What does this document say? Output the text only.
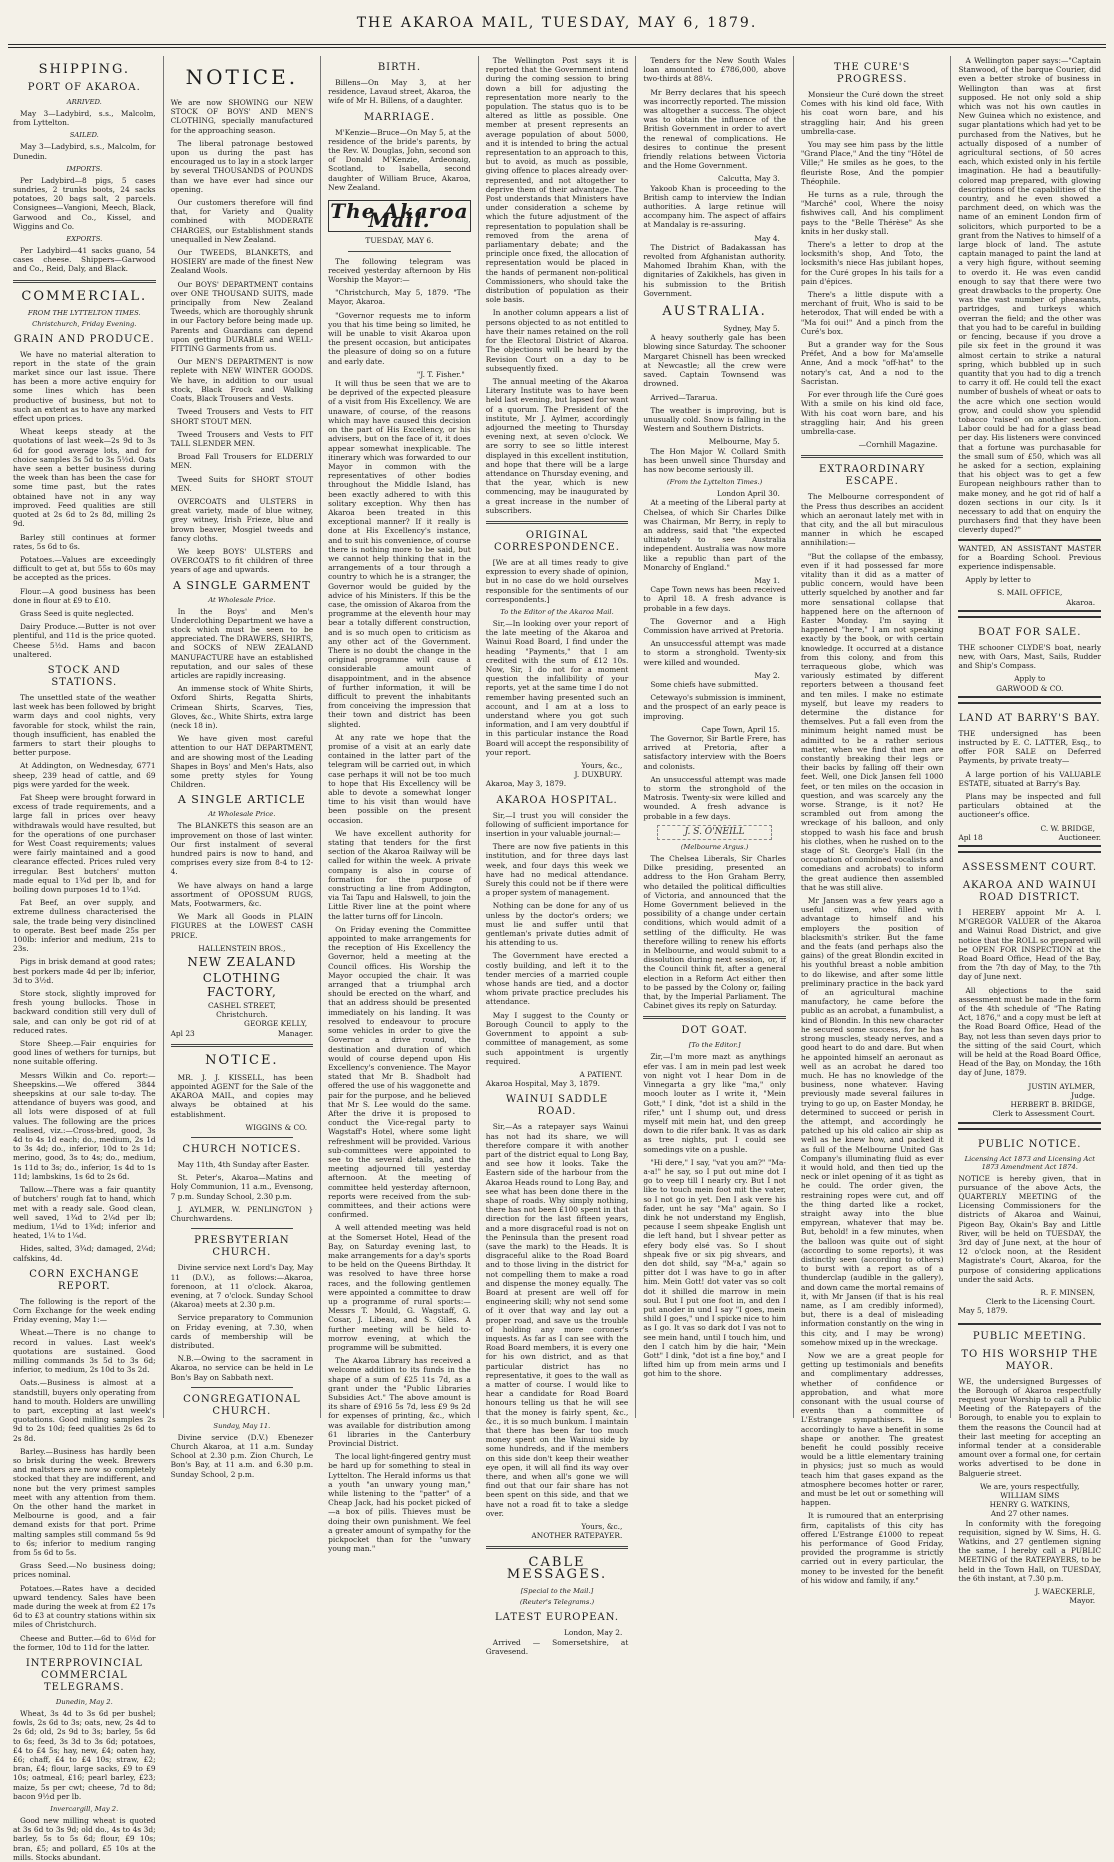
THE AKAROA MAIL, TUESDAY, MAY 6, 1879.
SHIPPING.
PORT OF AKAROA.
ARRIVED.

May 3—Ladybird, s.s., Malcolm, from Lyttelton.

SAILED.

May 3—Ladybird, s.s., Malcolm, for Dunedin.

IMPORTS.

Per Ladybird—8 pigs, 5 cases sundries, 2 trunks boots, 24 sacks potatoes, 20 bags salt, 2 parcels. Consignees—Vangioni, Meech, Black, Garwood and Co., Kissel, and Wiggins and Co.

EXPORTS.

Per Ladybird—41 sacks guano, 54 cases cheese. Shippers—Garwood and Co., Reid, Daly, and Black.

COMMERCIAL.
FROM THE LYTTELTON TIMES.
Christchurch, Friday Evening.
GRAIN AND PRODUCE.

We have no material alteration to report in the state of the grain market since our last issue. There has been a more active enquiry for some lines which has been productive of business, but not to such an extent as to have any marked effect upon prices.

Wheat keeps steady at the quotations of last week—2s 9d to 3s 6d for good average lots, and for choice samples 3s 5d to 3s 5½d. Oats have seen a better business during the week than has been the case for some time past, but the rates obtained have not in any way improved. Feed qualities are still quoted at 2s 6d to 2s 8d, milling 2s 9d.

Barley still continues at former rates, 5s 6d to 6s.

Potatoes.—Values are exceedingly difficult to get at, but 55s to 60s may be accepted as the prices.

Flour.—A good business has been done in flour at £9 to £10.

Grass Seed is quite neglected.

Dairy Produce.—Butter is not over plentiful, and 11d is the price quoted. Cheese 5½d. Hams and bacon unaltered.

STOCK AND STATIONS.

The unsettled state of the weather last week has been followed by bright warm days and cool nights, very favorable for stock, whilst the rain, though insufficient, has enabled the farmers to start their ploughs to better purpose.

At Addington, on Wednesday, 6771 sheep, 239 head of cattle, and 69 pigs were yarded for the week.

Fat Sheep were brought forward in excess of trade requirements, and a large fall in prices over heavy withdrawals would have resulted, but for the operations of one purchaser for West Coast requirements; values were fairly maintained and a good clearance effected. Prices ruled very irregular. Best butchers' mutton made equal to 1¾d per lb, and for boiling down purposes 1d to 1¼d.

Fat Beef, an over supply, and extreme dullness characterised the sale, the trade being very disinclined to operate. Best beef made 25s per 100lb: inferior and medium, 21s to 23s.

Pigs in brisk demand at good rates; best porkers made 4d per lb; inferior, 3d to 3½d.

Store stock, slightly improved for fresh young bullocks. Those in backward condition still very dull of sale, and can only be got rid of at reduced rates.

Store Sheep.—Fair enquiries for good lines of wethers for turnips, but none suitable offering.

Messrs Wilkin and Co. report:—Sheepskins.—We offered 3844 sheepskins at our sale to-day. The attendance of buyers was good, and all lots were disposed of at full values. The following are the prices realised, viz.:—Cross-bred, good, 3s 4d to 4s 1d each; do., medium, 2s 1d to 3s 4d; do., inferior, 10d to 2s 1d; merino, good, 3s to 4s; do., medium, 1s 11d to 3s; do., inferior, 1s 4d to 1s 11d; lambskins, 1s 6d to 2s 6d.

Tallow.—There was a fair quantity of butchers' rough fat to hand, which met with a ready sale. Good clean, well saved, 1¾d to 2¼d per lb; medium, 1¼d to 1¾d; inferior and heated, 1¼ to 1¼d.

Hides, salted, 3¾d; damaged, 2¼d; calfskins, 4d.

CORN EXCHANGE REPORT.

The following is the report of the Corn Exchange for the week ending Friday evening, May 1:—

Wheat.—There is no change to record in values. Last week's quotations are sustained. Good milling commands 3s 5d to 3s 6d; inferior, to medium, 2s 10d to 3s 2d.

Oats.—Business is almost at a standstill, buyers only operating from hand to mouth. Holders are unwilling to part, excepting at last week's quotations. Good milling samples 2s 9d to 2s 10d; feed qualities 2s 6d to 2s 8d.

Barley.—Business has hardly been so brisk during the week. Brewers and maltsters are now so completely stocked that they are indifferent, and none but the very primest samples meet with any attention from them. On the other hand the market in Melbourne is good, and a fair demand exists for that port. Prime malting samples still command 5s 9d to 6s; inferior to medium ranging from 5s 6d to 5s.

Grass Seed.—No business doing; prices nominal.

Potatoes.—Rates have a decided upward tendency. Sales have been made during the week at from £2 17s 6d to £3 at country stations within six miles of Christchurch.

Cheese and Butter.—6d to 6½d for the former, 10d to 11d for the latter.

INTERPROVINCIAL COMMERCIAL TELEGRAMS.
Dunedin, May 2.

Wheat, 3s 4d to 3s 6d per bushel; fowls, 2s 6d to 3s; oats, new, 2s 4d to 2s 6d; old, 2s 9d to 3s; barley, 5s 6d to 6s; feed, 3s 3d to 3s 6d; potatoes, £4 to £4 5s; hay, new, £4; oaten hay, £6; chaff, £4 to £4 10s; straw, £2; bran, £4; flour, large sacks, £9 to £9 10s; oatmeal, £16; pearl barley, £23; maize, 5s per cwt; cheese, 7d to 8d; bacon 9½d per lb.

Invercargill, May 2.

Good new milling wheat is quoted at 3s 6d to 3s 9d; old do., 4s to 4s 3d; barley, 5s to 5s 6d; flour, £9 10s; bran, £5; and pollard, £5 10s at the mills. Stocks abundant.

NOTICE.

We are now SHOWING our NEW STOCK OF BOYS' AND MEN'S CLOTHING, specially manufactured for the approaching season.

The liberal patronage bestowed upon us during the past has encouraged us to lay in a stock larger by several THOUSANDS of POUNDS than we have ever had since our opening.

Our customers therefore will find that, for Variety and Quality combined with MODERATE CHARGES, our Establishment stands unequalled in New Zealand.

Our TWEEDS, BLANKETS, and HOSIERY are made of the finest New Zealand Wools.

Our BOYS' DEPARTMENT contains over ONE THOUSAND SUITS, made principally from New Zealand Tweeds, which are thoroughly shrunk in our Factory before being made up. Parents and Guardians can depend upon getting DURABLE and WELL-FITTING Garments from us.

Our MEN'S DEPARTMENT is now replete with NEW WINTER GOODS. We have, in addition to our usual stock, Black Frock and Walking Coats, Black Trousers and Vests.

Tweed Trousers and Vests to FIT SHORT STOUT MEN.

Tweed Trousers and Vests to FIT TALL SLENDER MEN.

Broad Fall Trousers for ELDERLY MEN.

Tweed Suits for SHORT STOUT MEN.

OVERCOATS and ULSTERS in great variety, made of blue witney, grey witney, Irish Frieze, blue and brown beaver, Mosgiel tweeds and fancy cloths.

We keep BOYS' ULSTERS and OVERCOATS to fit children of three years of age and upwards.

A SINGLE GARMENT
At Wholesale Price.

In the Boys' and Men's Underclothing Department we have a stock which must be seen to be appreciated. The DRAWERS, SHIRTS, and SOCKS of NEW ZEALAND MANUFACTURE have an established reputation, and our sales of these articles are rapidly increasing.

An immense stock of White Shirts, Oxford Shirts, Regatta Shirts, Crimean Shirts, Scarves, Ties, Gloves, &c., White Shirts, extra large (neck 18 in).

We have given most careful attention to our HAT DEPARTMENT, and are showing most of the Leading Shapes in Boys' and Men's Hats, also some pretty styles for Young Children.

A SINGLE ARTICLE
At Wholesale Price.

The BLANKETS this season are an improvement on those of last winter. Our first instalment of several hundred pairs is now to hand, and comprises every size from 8-4 to 12-4.

We have always on hand a large assortment of OPOSSUM RUGS, Mats, Footwarmers, &c.

We Mark all Goods in PLAIN FIGURES at the LOWEST CASH PRICE.

HALLENSTEIN BROS.,
NEW ZEALAND
CLOTHING FACTORY,
CASHEL STREET,
Christchurch.
GEORGE KELLY,
Apl 23	Manager.
NOTICE.

MR. J. J. KISSELL, has been appointed AGENT for the Sale of the AKAROA MAIL, and copies may always be obtained at his establishment.

WIGGINS & CO.
CHURCH NOTICES.

May 11th, 4th Sunday after Easter.

St. Peter's, Akaroa—Matins and Holy Communion, 11 a.m., Evensong, 7 p.m. Sunday School, 2.30 p.m.

J. AYLMER, W. PENLINGTON } Churchwardens.

PRESBYTERIAN CHURCH.

Divine service next Lord's Day, May 11 (D.V.), as follows:—Akaroa, forenoon, at 11 o'clock. Akaroa, evening, at 7 o'clock. Sunday School (Akaroa) meets at 2.30 p.m.

Service preparatory to Communion on Friday evening, at 7.30, when cards of membership will be distributed.

N.B.—Owing to the sacrament in Akaroa, no service can be held in Le Bon's Bay on Sabbath next.

CONGREGATIONAL CHURCH.
Sunday, May 11.

Divine service (D.V.) Ebenezer Church Akaroa, at 11 a.m. Sunday School at 2.30 p.m. Zion Church, Le Bon's Bay, at 11 a.m. and 6.30 p.m. Sunday School, 2 p.m.

BIRTH.

Billens—On May 3, at her residence, Lavaud street, Akaroa, the wife of Mr H. Billens, of a daughter.

MARRIAGE.

M'Kenzie—Bruce—On May 5, at the residence of the bride's parents, by the Rev. W. Douglas, John, second son of Donald M'Kenzie, Ardeonaig, Scotland, to Isabella, second daughter of William Bruce, Akaroa, New Zealand.

The Akaroa Mail.
TUESDAY, MAY 6.

The following telegram was received yesterday afternoon by His Worship the Mayor:—

"Christchurch, May 5, 1879. "The Mayor, Akaroa.

"Governor requests me to inform you that his time being so limited, he will be unable to visit Akaroa upon the present occasion, but anticipates the pleasure of doing so on a future and early date.

"J. T. Fisher."

It will thus be seen that we are to be deprived of the expected pleasure of a visit from His Excellency. We are unaware, of course, of the reasons which may have caused this decision on the part of His Excellency, or his advisers, but on the face of it, it does appear somewhat inexplicable. The itinerary which was forwarded to our Mayor in common with the representatives of other bodies throughout the Middle Island, has been exactly adhered to with this solitary exception. Why then has Akaroa been treated in this exceptional manner? If it really is done at His Excellency's instance, and to suit his convenience, of course there is nothing more to be said, but we cannot help thinking that in the arrangements of a tour through a country to which he is a stranger, the Governor would be guided by the advice of his Ministers. If this be the case, the omission of Akaroa from the programme at the eleventh hour may bear a totally different construction, and is so much open to criticism as any other act of the Government. There is no doubt the change in the original programme will cause a considerable amount of disappointment, and in the absence of further information, it will be difficult to prevent the inhabitants from conceiving the impression that their town and district has been slighted.

At any rate we hope that the promise of a visit at an early date contained in the latter part of the telegram will be carried out, in which case perhaps it will not be too much to hope that His Excellency will be able to devote a somewhat longer time to his visit than would have been possible on the present occasion.

We have excellent authority for stating that tenders for the first section of the Akaroa Railway will be called for within the week. A private company is also in course of formation for the purpose of constructing a line from Addington, via Tai Tapu and Halswell, to join the Little River line at the point where the latter turns off for Lincoln.

On Friday evening the Committee appointed to make arrangements for the reception of His Excellency the Governor, held a meeting at the Council offices. His Worship the Mayor occupied the chair. It was arranged that a triumphal arch should be erected on the wharf, and that an address should be presented immediately on his landing. It was resolved to endeavour to procure some vehicles in order to give the Governor a drive round, the destination and duration of which would of course depend upon His Excellency's convenience. The Mayor stated that Mr B. Shadbolt had offered the use of his waggonette and pair for the purpose, and he believed that Mr S. Lee would do the same. After the drive it is proposed to conduct the Vice-regal party to Wagstaff's Hotel, where some light refreshment will be provided. Various sub-committees were appointed to see to the several details, and the meeting adjourned till yesterday afternoon. At the meeting of committee held yesterday afternoon, reports were received from the sub-committees, and their actions were confirmed.

A well attended meeting was held at the Somerset Hotel, Head of the Bay, on Saturday evening last, to make arrangements for a day's sports to be held on the Queens Birthday. It was resolved to have three horse races, and the following gentlemen were appointed a committee to draw up a programme of rural sports:—Messrs T. Mould, G. Wagstaff, G. Cosar, J. Libeau, and S. Giles. A further meeting will be held to-morrow evening, at which the programme will be submitted.

The Akaroa Library has received a welcome addition to its funds in the shape of a sum of £25 11s 7d, as a grant under the "Public Libraries Subsidies Act." The above amount is its share of £916 5s 7d, less £9 9s 2d for expenses of printing, &c., which was available for distribution among 61 libraries in the Canterbury Provincial District.

The local light-fingered gentry must be hard up for something to steal in Lyttelton. The Herald informs us that a youth "an unwary young man," while listening to the "patter" of a Cheap Jack, had his pocket picked of—a box of pills. Thieves must be doing their own punishment. We feel a greater amount of sympathy for the pickpocket than for the "unwary young man."

The Wellington Post says it is reported that the Government intend during the coming session to bring down a bill for adjusting the representation more nearly to the population. The status quo is to be altered as little as possible. One member at present represents an average population of about 5000, and it is intended to bring the actual representation to an approach to this, but to avoid, as much as possible, giving offence to places already over-represented, and not altogether to deprive them of their advantage. The Post understands that Ministers have under consideration a scheme by which the future adjustment of the representation to population shall be removed from the arena of parliamentary debate; and the principle once fixed, the allocation of representation would be placed in the hands of permanent non-political Commissioners, who should take the distribution of population as their sole basis.

In another column appears a list of persons objected to as not entitled to have their names retained on the roll for the Electoral District of Akaroa. The objections will be heard by the Revision Court on a day to be subsequently fixed.

The annual meeting of the Akaroa Literary Institute was to have been held last evening, but lapsed for want of a quorum. The President of the institute, Mr J. Aylmer, accordingly adjourned the meeting to Thursday evening next, at seven o'clock. We are sorry to see so little interest displayed in this excellent institution, and hope that there will be a large attendance on Thursday evening, and that the year, which is new commencing, may be inaugurated by a great increase in the number of subscribers.

ORIGINAL CORRESPONDENCE.

[We are at all times ready to give expression to every shade of opinion, but in no case do we hold ourselves responsible for the sentiments of our correspondents.]

To the Editor of the Akaroa Mail.

Sir,—In looking over your report of the late meeting of the Akaroa and Wainui Road Board, I find under the heading "Payments," that I am credited with the sum of £12 10s. Now, Sir, I do not for a moment question the infallibility of your reports, yet at the same time I do not remember having presented such an account, and I am at a loss to understand where you got such information, and I am very doubtful if in this particular instance the Road Board will accept the responsibility of your report.

Yours, &c.,
J. DUXBURY.

Akaroa, May 3, 1879.

AKAROA HOSPITAL.

Sir,—I trust you will consider the following of sufficient importance for insertion in your valuable journal:—

There are now five patients in this institution, and for three days last week, and four days this week we have had no medical attendance. Surely this could not be if there were a proper system of management.

Nothing can be done for any of us unless by the doctor's orders; we must lie and suffer until that gentleman's private duties admit of his attending to us.

The Government have erected a costly building, and left it to the tender mercies of a married couple whose hands are tied, and a doctor whom private practice precludes his attendance.

May I suggest to the County or Borough Council to apply to the Government to appoint a sub-committee of management, as some such appointment is urgently required.

A PATIENT.

Akaroa Hospital, May 3, 1879.

WAINUI SADDLE ROAD.

Sir,—As a ratepayer says Wainui has not had its share, we will therefore compare it with another part of the district equal to Long Bay, and see how it looks. Take the Eastern side of the harbour from the Akaroa Heads round to Long Bay, and see what has been done there in the shape of roads. Why simply nothing, there has not been £100 spent in that direction for the last fifteen years, and a more disgraceful road is not on the Peninsula than the present road (save the mark) to the Heads. It is disgraceful alike to the Road Board and to those living in the district for not compelling them to make a road and dispense the money equally. The Board at present are well off for engineering skill; why not send some of it over that way and lay out a proper road, and save us the trouble of holding any more coroner's inquests. As far as I can see with the Road Board members, it is every one for his own district, and as that particular district has no representative, it goes to the wall as a matter of course. I would like to hear a candidate for Road Board honours telling us that he will see that the money is fairly spent, &c., &c., it is so much bunkum. I maintain that there has been far too much money spent on the Wainui side by some hundreds, and if the members on this side don't keep their weather eye open, it will all find its way over there, and when all's gone we will find out that our fair share has not been spent on this side, and that we have not a road fit to take a sledge over.

Yours, &c.,
ANOTHER RATEPAYER.
CABLE MESSAGES.
[Special to the Mail.]
(Reuter's Telegrams.)
LATEST EUROPEAN.
London, May 2.

Arrived — Somersetshire, at Gravesend.

Tenders for the New South Wales loan amounted to £786,000, above two-thirds at 88¼.

Mr Berry declares that his speech was incorrectly reported. The mission was altogether a success. The object was to obtain the influence of the British Government in order to avert the renewal of complications. He desires to continue the present friendly relations between Victoria and the Home Government.

Calcutta, May 3.

Yakoob Khan is proceeding to the British camp to interview the Indian authorities. A large retinue will accompany him. The aspect of affairs at Mandalay is re-assuring.

May 4.

The District of Badakassan has revolted from Afghanistan authority. Mahomed Ibrahim Khan, with the dignitaries of Zakikhels, has given in his submission to the British Government.

AUSTRALIA.
Sydney, May 5.

A heavy southerly gale has been blowing since Saturday. The schooner Margaret Chisnell has been wrecked at Newcastle; all the crew were saved. Captain Townsend was drowned.

Arrived—Tararua.

The weather is improving, but is unusually cold. Snow is falling in the Western and Southern Districts.

Melbourne, May 5.

The Hon Major W. Collard Smith has been unwell since Thursday and has now become seriously ill.

(From the Lyttelton Times.)
London April 30.

At a meeting of the Liberal party at Chelsea, of which Sir Charles Dilke was Chairman, Mr Berry, in reply to an address, said that "the expected ultimately to see Australia independent. Australia was now more like a republic than part of the Monarchy of England."

May 1.

Cape Town news has been received to April 18. A fresh advance is probable in a few days.

The Governor and a High Commission have arrived at Pretoria.

An unsuccessful attempt was made to storm a stronghold. Twenty-six were killed and wounded.

May 2.

Some chiefs have submitted.

Cetewayo's submission is imminent, and the prospect of an early peace is improving.

Cape Town, April 15.

The Governor, Sir Bartle Frere, has arrived at Pretoria, after a satisfactory interview with the Boers and colonists.

An unsuccessful attempt was made to storm the stronghold of the Matrosis. Twenty-six were killed and wounded. A fresh advance is probable in a few days.

J. S. O'NEILL
(Melbourne Argus.)

The Chelsea Liberals, Sir Charles Dilke presiding, presented an address to the Hon Graham Berry, who detailed the political difficulties of Victoria, and announced that the Home Government believed in the possibility of a change under certain conditions, which would admit of a settling of the difficulty. He was therefore willing to renew his efforts in Melbourne, and would submit to a dissolution during next session, or, if the Council think fit, after a general election in a Reform Act either then to be passed by the Colony or, failing that, by the Imperial Parliament. The Cabinet gives its reply on Saturday.

DOT GOAT.
[To the Editor.]

Zir,—I'm more mazt as anythings efer vas. I am in mein pad lest week von night vot I hear Dom in de Vinnegarta a gry like "ma," only mooch louter as I write it, "Mein Gott," I dink, "dot ist a shild in the rifer," unt I shump out, und dress myself mit mein hat, und den greep down to die rifer bank. It vas as dark as tree nights, put I could see somedings vite on a pushle.

"Hi dere," I say, "vat you am?" "Ma-a-a!" he say, so I put out mine dot I go to veep till I nearly cry. But I not like to touch mein foot mit the vater, so I not go in yet. Den I ask vere his fader, unt he say "Ma" again. So I dink he not understand my English, pecause I seem shpeake English unt die left hand, but I shvear petter as efery body elsé vas. So I shout shpeak five or six pig shvears, and den dot shild, say "M-a," again so pitter dot I was have to go in after him. Mein Gott! dot vater vas so colt dot it shilled die marrow in mein soul. But I put one foot in, and den I put anoder in und I say "I goes, mein shild I goes," und I spicke nice to him as I go. It vas so dark dot I vas not to see mein hand, until I touch him, und den I catch him by die hair, "Mein Gott" I dink, "dot ist a fine boy," and I lifted him up from mein arms und I got him to the shore.

THE CURE'S PROGRESS.

Monsieur the Curé down the street Comes with his kind old face, With his coat worn bare, and his straggling hair, And his green umbrella-case.

You may see him pass by the little "Grand Place," And the tiny "Hôtel de Ville;" He smiles as he goes, to the fleuriste Rose, And the pompier Théophile.

He turns as a rule, through the "Marché" cool, Where the noisy fishwives call, And his compliment pays to the "Belle Thérèse" As she knits in her dusky stall.

There's a letter to drop at the locksmith's shop, And Toto, the locksmith's niece Has jubilant hopes, for the Curé gropes In his tails for a pain d'épices.

There's a little dispute with a merchant of fruit, Who is said to be heterodox, That will ended be with a "Ma foi oui!" And a pinch from the Curé's box.

But a grander way for the Sous Préfet, And a bow for Ma'amselle Anne, And a mock "off-hat" to the notary's cat, And a nod to the Sacristan.

For ever through life the Curé goes With a smile on his kind old face, With his coat worn bare, and his straggling hair, And his green umbrella-case.

—Cornhill Magazine.
EXTRAORDINARY ESCAPE.

The Melbourne correspondent of the Press thus describes an accident which an aeronaut lately met with in that city, and the all but miraculous manner in which he escaped annihilation:—

"But the collapse of the embassy, even if it had possessed far more vitality than it did as a matter of public concern, would have been utterly squelched by another and far more sensational collapse that happened here on the afternoon of Easter Monday. I'm saying it happened "here," I am not speaking exactly by the book, or with certain knowledge. It occurred at a distance from this colony, and from this terraqueous globe, which was variously estimated by different reporters between a thousand feet and ten miles. I make no estimate myself, but leave my readers to determine the distance for themselves. Put a fall even from the minimum height named must be admitted to be a rather serious matter, when we find that men are constantly breaking their legs or their backs by falling off their own feet. Well, one Dick Jansen fell 1000 feet, or ten miles on the occasion in question, and was scarcely any the worse. Strange, is it not? He scrambled out from among the wreckage of his balloon, and only stopped to wash his face and brush his clothes, when he rushed on to the stage of St. George's Hall (in the occupation of combined vocalists and comedians and acrobats) to inform the great audience then assembled that he was still alive.

Mr Jansen was a few years ago a useful citizen, who filled with advantage to himself and his employers the position of blacksmith's striker. But the fame and the feats (and perhaps also the gains) of the great Blondin excited in his youthful breast a noble ambition to do likewise, and after some little preliminary practice in the back yard of an agricultural machine manufactory, he came before the public as an acrobat, a funambulist, a kind of Blondin. In this new character he secured some success, for he has strong muscles, steady nerves, and a good heart to do and dare. But when he appointed himself an aeronaut as well as an acrobat he dared too much. He has no knowledge of the business, none whatever. Having previously made several failures in trying to go up, on Easter Monday, he determined to succeed or perish in the attempt, and accordingly he patched up his old calico air ship as well as he knew how, and packed it as full of the Melbourne United Gas Company's illuminating fluid as ever it would hold, and then tied up the neck or inlet opening of it as tight as he could. The order given, the restraining ropes were cut, and off the thing darted like a rocket, straight away into the blue empyrean, whatever that may be. But, behold! in a few minutes, when the balloon was quite out of sight (according to some reports), it was distinctly seen (according to others) to burst with a report as of a thunderclap (audible in the gallery), and down came the mortal remains of it, with Mr Jansen (if that is his real name, as I am credibly informed), but, there is a deal of misleading information constantly on the wing in this city, and I may be wrong) somehow mixed up in the wreckage.

Now we are a great people for getting up testimonials and benefits and complimentary addresses, whether of confidence or approbation, and what more consonant with the usual course of events than a committee of L'Estrange sympathisers. He is accordingly to have a benefit in some shape or another. The greatest benefit he could possibly receive would be a little elementary training in physics; just so much as would teach him that gases expand as the atmosphere becomes hotter or rarer, and must be let out or something will happen.

It is rumoured that an enterprising firm, capitalists of this city has offered L'Estrange £1000 to repeat his performance of Good Friday, provided the programme is strictly carried out in every particular, the money to be invested for the benefit of his widow and family, if any."

A Wellington paper says:—"Captain Stanwood, of the barque Courier, did even a better stroke of business in Wellington than was at first supposed. He not only sold a ship which was not his own cautles in New Guinea which no existence, and sugar plantations which had yet to be purchased from the Natives, but he actually disposed of a number of agricultural sections, of 50 acres each, which existed only in his fertile imagination. He had a beautifully-colored map prepared, with glowing descriptions of the capabilities of the country, and he even showed a parchment deed, on which was the name of an eminent London firm of solicitors, which purported to be a grant from the Natives to himself of a large block of land. The astute captain managed to paint the land at a very high figure, without seeming to overdo it. He was even candid enough to say that there were two great drawbacks to the property. One was the vast number of pheasants, partridges, and turkeys which overran the field; and the other was that you had to be careful in building or fencing, because if you drove a pile six feet in the ground it was almost certain to strike a natural spring, which bubbled up in such quantity that you had to dig a trench to carry it off. He could tell the exact number of bushels of wheat or oats to the acre which one section would grow, and could show you splendid tobacco 'raised' on another section. Labor could be had for a glass bead per day. His listeners were convinced that a fortune was purchasable for the small sum of £50, which was all he asked for a section, explaining that his object was to get a few European neighbours rather than to make money, and he got rid of half a dozen sections in our city. Is it necessary to add that on enquiry the purchasers find that they have been cleverly duped?"

WANTED, AN ASSISTANT MASTER for a Boarding School. Previous experience indispensable.

Apply by letter to

S. MAIL OFFICE,
Akaroa.
BOAT FOR SALE.

THE schooner CLYDE'S boat, nearly new, with Oars, Mast, Sails, Rudder and Ship's Compass.

Apply to
GARWOOD & CO.
LAND AT BARRY'S BAY.

THE undersigned has been instructed by E. C. LATTER, Esq., to offer FOR SALE on Deferred Payments, by private treaty—

A large portion of his VALUABLE ESTATE, situated at Barry's Bay.

Plans may be inspected and full particulars obtained at the auctioneer's office.

C. W. BRIDGE,
Apl 18	Auctioneer.
ASSESSMENT COURT.
AKAROA AND WAINUI ROAD DISTRICT.

I HEREBY appoint Mr A. I. M'GREGOR VALUER of the Akaroa and Wainui Road District, and give notice that the ROLL so prepared will be OPEN FOR INSPECTION at the Road Board Office, Head of the Bay, from the 7th day of May, to the 7th day of June next.

All objections to the said assessment must be made in the form of the 4th schedule of "The Rating Act, 1876," and a copy must be left at the Road Board Office, Head of the Bay, not less than seven days prior to the sitting of the said Court, which will be held at the Road Board Office, Head of the Bay, on Monday, the 16th day of June, 1879.

JUSTIN AYLMER,
Judge.
HERBERT B. BRIDGE,
Clerk to Assessment Court.
PUBLIC NOTICE.
Licensing Act 1873 and Licensing Act 1873 Amendment Act 1874.

NOTICE is hereby given, that in pursuance of the above Acts, the QUARTERLY MEETING of the Licensing Commissioners for the districts of Akaroa and Wainui, Pigeon Bay, Okain's Bay and Little River, will be held on TUESDAY, the 3rd day of June next, at the hour of 12 o'clock noon, at the Resident Magistrate's Court, Akaroa, for the purpose of considering applications under the said Acts.

R. F. MINSEN,
Clerk to the Licensing Court.

May 5, 1879.

PUBLIC MEETING.
TO HIS WORSHIP THE MAYOR.

WE, the undersigned Burgesses of the Borough of Akaroa respectfully request your Worship to call a Public Meeting of the Ratepayers of the Borough, to enable you to explain to them the reasons the Council had at their last meeting for accepting an informal tender at a considerable amount over a formal one, for certain works advertised to be done in Balguerie street.

We are, yours respectfully,
WILLIAM SIMS
HENRY G. WATKINS,
And 27 other names.

In conformity with the foregoing requisition, signed by W. Sims, H. G. Watkins, and 27 gentlemen signing the same, I hereby call a PUBLIC MEETING of the RATEPAYERS, to be held in the Town Hall, on TUESDAY, the 6th instant, at 7.30 p.m.

J. WAECKERLE,
Mayor.
